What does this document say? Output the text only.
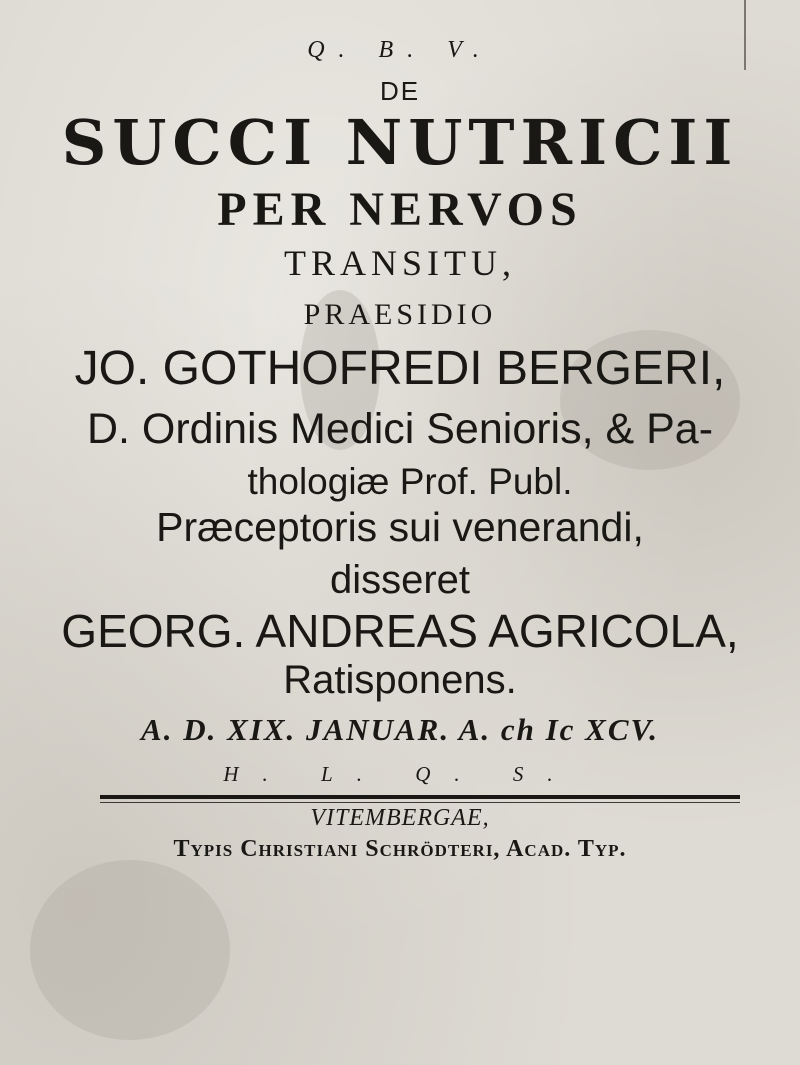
Q. B. V.
DE
SUCCI NUTRICII
PER NERVOS
TRANSITU,
PRAESIDIO
JO. GOTHOFREDI BERGERI,
D. Ordinis Medici Senioris, & Pa-
thologiæ Prof. Publ.
Præceptoris sui venerandi,
disseret
GEORG. ANDREAS AGRICOLA,
Ratisponens.
A. D. XIX. JANUAR. A. ch Ic XCV.
H. L. Q. S.
VITEMBERGAE,
Typis Christiani Schrödteri, Acad. Typ.
